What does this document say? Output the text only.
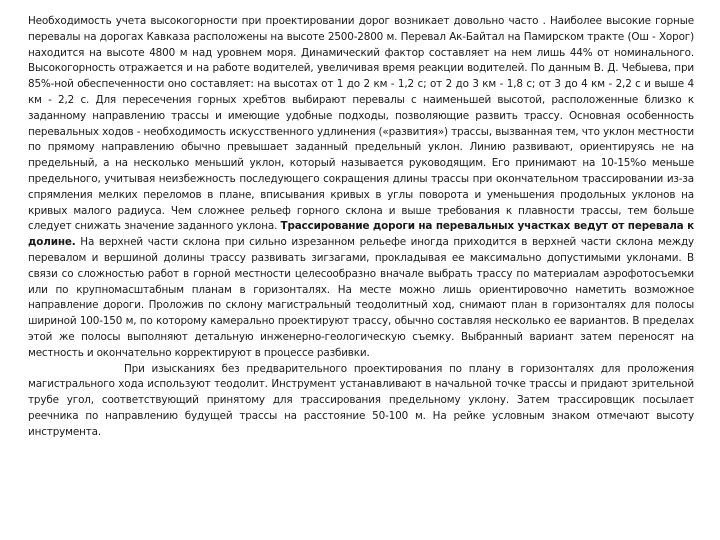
Необходимость учета высокогорности при проектировании дорог возникает довольно часто . Наиболее высокие горные перевалы на дорогах Кавказа расположены на высоте 2500-2800 м. Перевал Ак-Байтал на Памирском тракте (Ош - Хорог) находится на высоте 4800 м над уровнем моря. Динамический фактор составляет на нем лишь 44% от номинального. Высокогорность отражается и на работе водителей, увеличивая время реакции водителей. По данным В. Д. Чебыева, при 85%-ной обеспеченности оно составляет: на высотах от 1 до 2 км - 1,2 с; от 2 до 3 км - 1,8 с; от 3 до 4 км - 2,2 с и выше 4 км - 2,2 с. Для пересечения горных хребтов выбирают перевалы с наименьшей высотой, расположенные близко к заданному направлению трассы и имеющие удобные подходы, позволяющие развить трассу. Основная особенность перевальных ходов - необходимость искусственного удлинения («развития») трассы, вызванная тем, что уклон местности по прямому направлению обычно превышает заданный предельный уклон. Линию развивают, ориентируясь не на предельный, а на несколько меньший уклон, который называется руководящим. Его принимают на 10-15%о меньше предельного, учитывая неизбежность последующего сокращения длины трассы при окончательном трассировании из-за спрямления мелких переломов в плане, вписывания кривых в углы поворота и уменьшения продольных уклонов на кривых малого радиуса. Чем сложнее рельеф горного склона и выше требования к плавности трассы, тем больше следует снижать значение заданного уклона. Трассирование дороги на перевальных участках ведут от перевала к долине. На верхней части склона при сильно изрезанном рельефе иногда приходится в верхней части склона между перевалом и вершиной долины трассу развивать зигзагами, прокладывая ее максимально допустимыми уклонами. В связи со сложностью работ в горной местности целесообразно вначале выбрать трассу по материалам аэрофотосъемки или по крупномасштабным планам в горизонталях. На месте можно лишь ориентировочно наметить возможное направление дороги. Проложив по склону магистральный теодолитный ход, снимают план в горизонталях для полосы шириной 100-150 м, по которому камерально проектируют трассу, обычно составляя несколько ее вариантов. В пределах этой же полосы выполняют детальную инженерно-геологическую съемку. Выбранный вариант затем переносят на местность и окончательно корректируют в процессе разбивки.

При изысканиях без предварительного проектирования по плану в горизонталях для проложения магистрального хода используют теодолит. Инструмент устанавливают в начальной точке трассы и придают зрительной трубе угол, соответствующий принятому для трассирования предельному уклону. Затем трассировщик посылает реечника по направлению будущей трассы на расстояние 50-100 м. На рейке условным знаком отмечают высоту инструмента.
